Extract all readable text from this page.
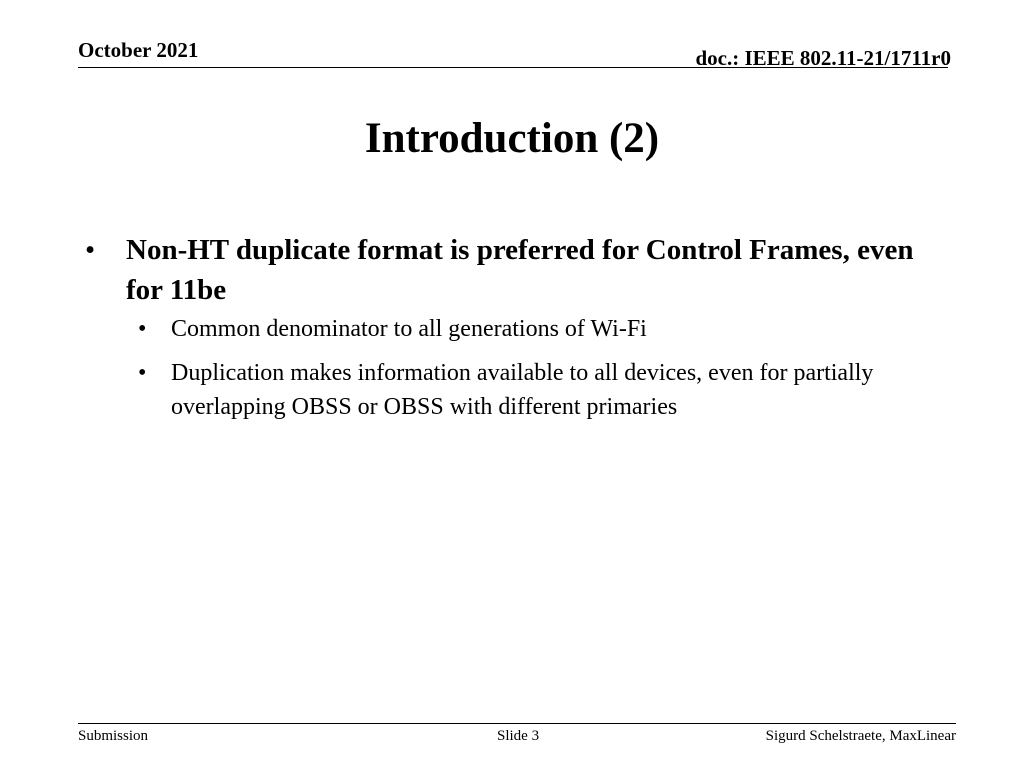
October 2021	doc.: IEEE 802.11-21/1711r0
Introduction (2)
• Non-HT duplicate format is preferred for Control Frames, even for 11be
• Common denominator to all generations of Wi-Fi
• Duplication makes information available to all devices, even for partially overlapping OBSS or OBSS with different primaries
Submission	Slide 3	Sigurd Schelstraete, MaxLinear
